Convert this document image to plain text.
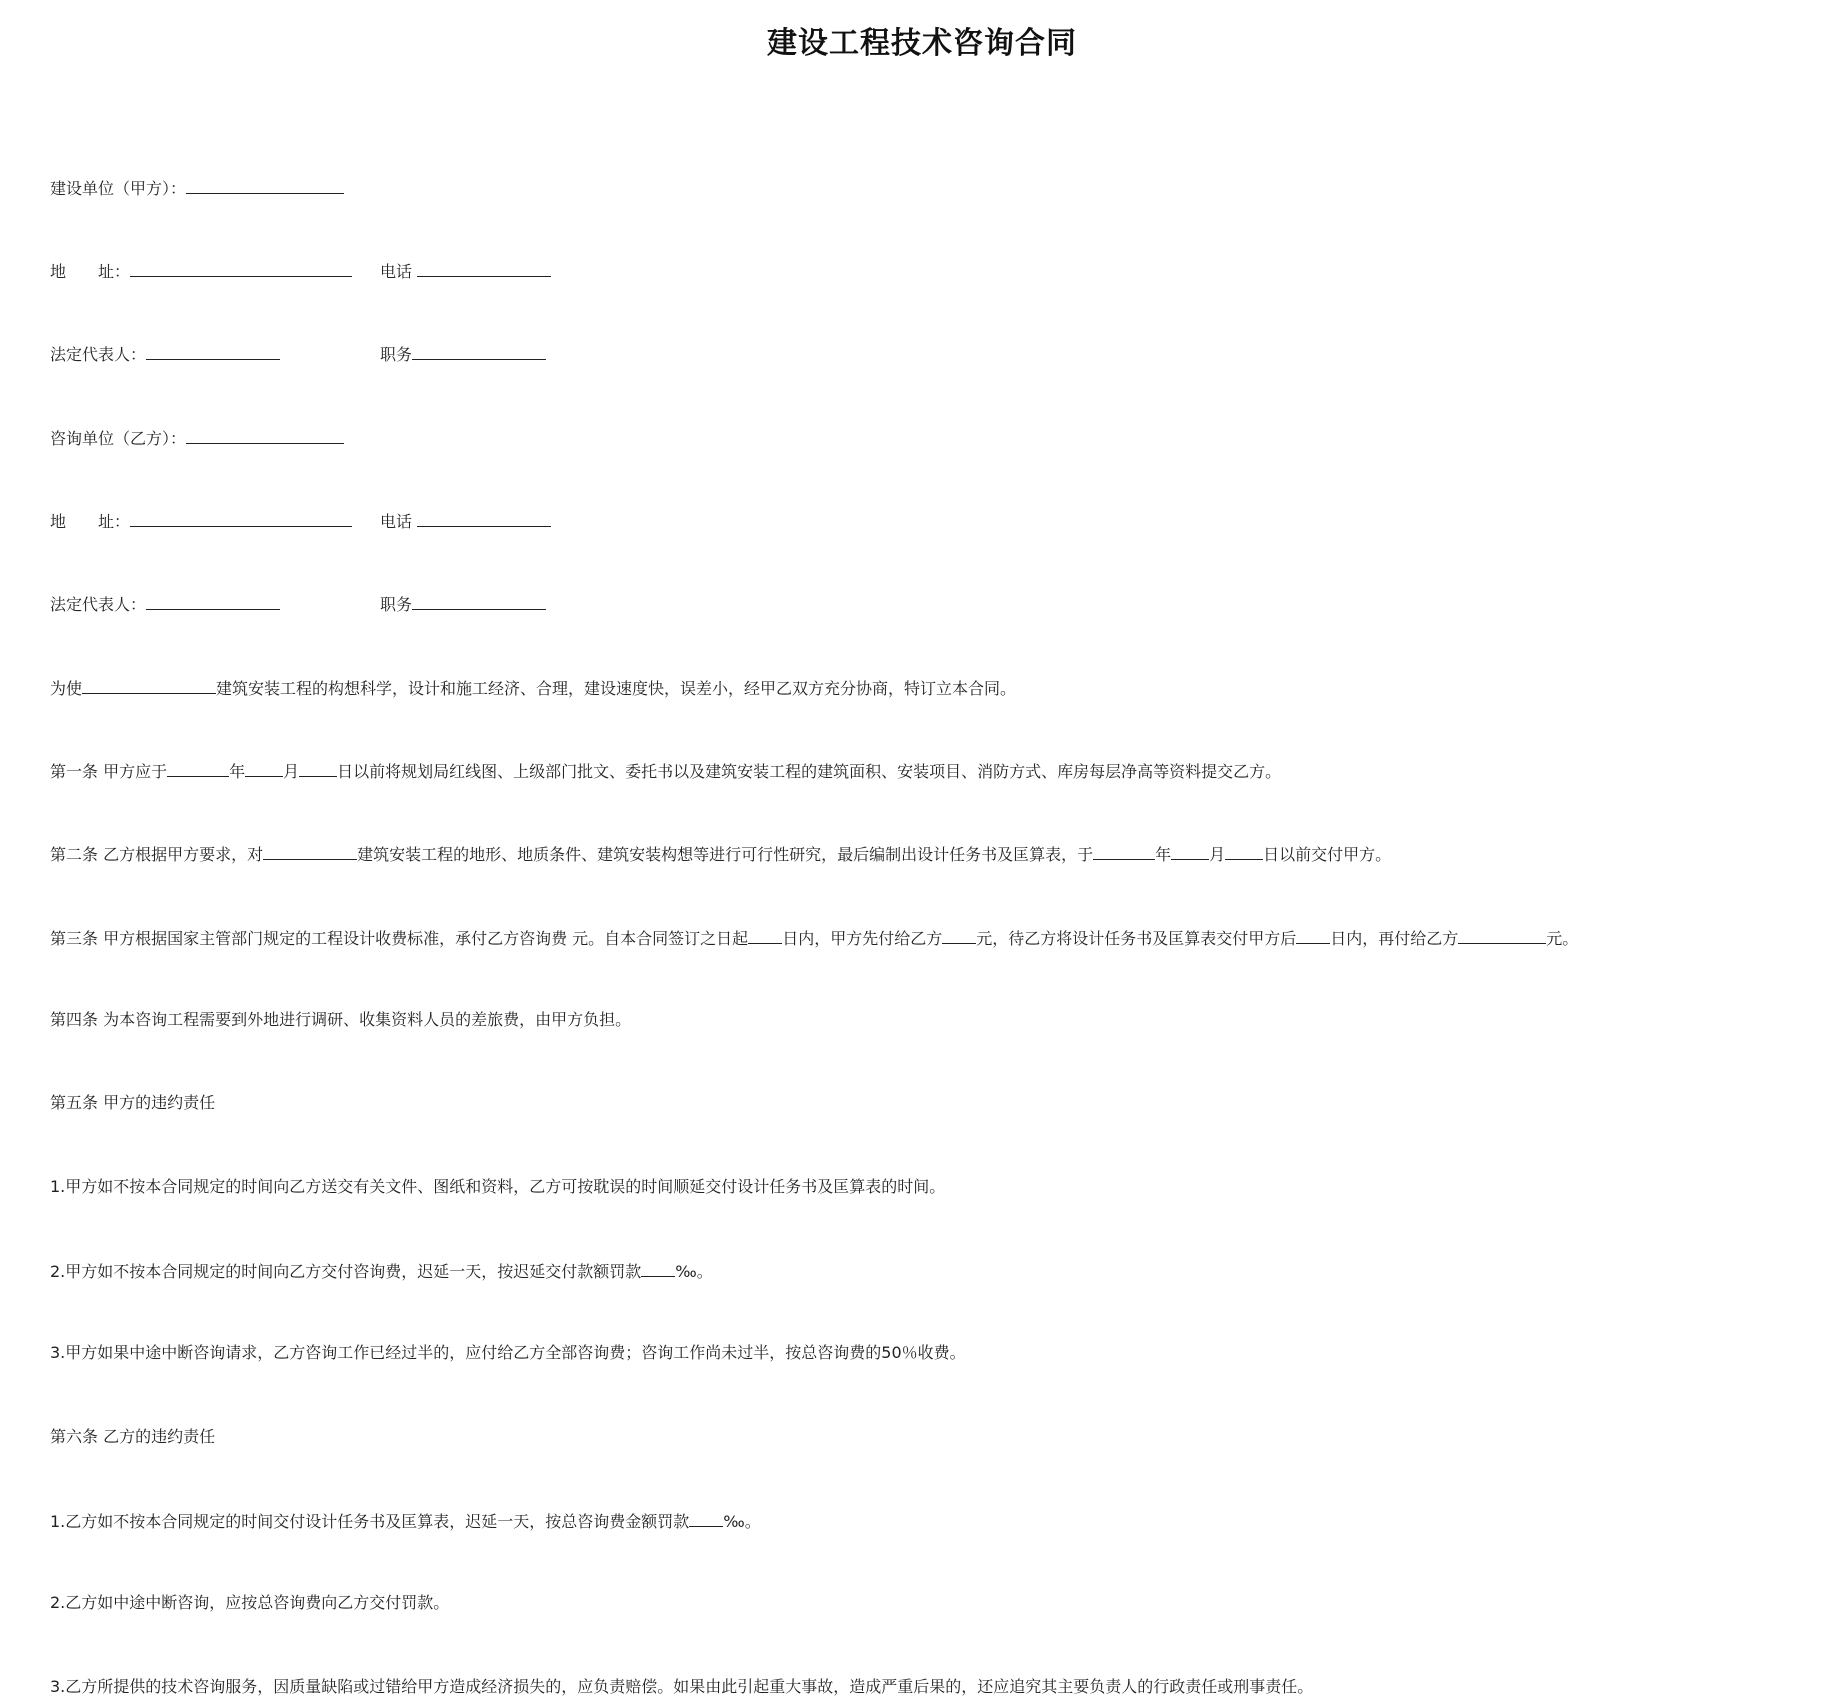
建设工程技术咨询合同
建设单位（甲方）：
地　　址：	电话
法定代表人：	职务
咨询单位（乙方）：
地　　址：	电话
法定代表人：	职务
为使	建筑安装工程的构想科学，设计和施工经济、合理，建设速度快，误差小，经甲乙双方充分协商，特订立本合同。
第一条 甲方应于	年 月 日以前将规划局红线图、上级部门批文、委托书以及建筑安装工程的建筑面积、安装项目、消防方式、库房每层净高等资料提交乙方。
第二条 乙方根据甲方要求，对	建筑安装工程的地形、地质条件、建筑安装构想等进行可行性研究，最后编制出设计任务书及匡算表，于	年 月 日以前交付甲方。
第三条 甲方根据国家主管部门规定的工程设计收费标准，承付乙方咨询费 元。自本合同签订之日起 日内，甲方先付给乙方 元，待乙方将设计任务书及匡算表交付甲方后 日内，再付给乙方	元。
第四条 为本咨询工程需要到外地进行调研、收集资料人员的差旅费，由甲方负担。
第五条 甲方的违约责任
1.甲方如不按本合同规定的时间向乙方送交有关文件、图纸和资料，乙方可按耽误的时间顺延交付设计任务书及匡算表的时间。
2.甲方如不按本合同规定的时间向乙方交付咨询费，迟延一天，按迟延交付款额罚款 ‰。
3.甲方如果中途中断咨询请求，乙方咨询工作已经过半的，应付给乙方全部咨询费；咨询工作尚未过半，按总咨询费的50％收费。
第六条 乙方的违约责任
1.乙方如不按本合同规定的时间交付设计任务书及匡算表，迟延一天，按总咨询费金额罚款 ‰。
2.乙方如中途中断咨询，应按总咨询费向乙方交付罚款。
3.乙方所提供的技术咨询服务，因质量缺陷或过错给甲方造成经济损失的，应负责赔偿。如果由此引起重大事故，造成严重后果的，还应追究其主要负责人的行政责任或刑事责任。
